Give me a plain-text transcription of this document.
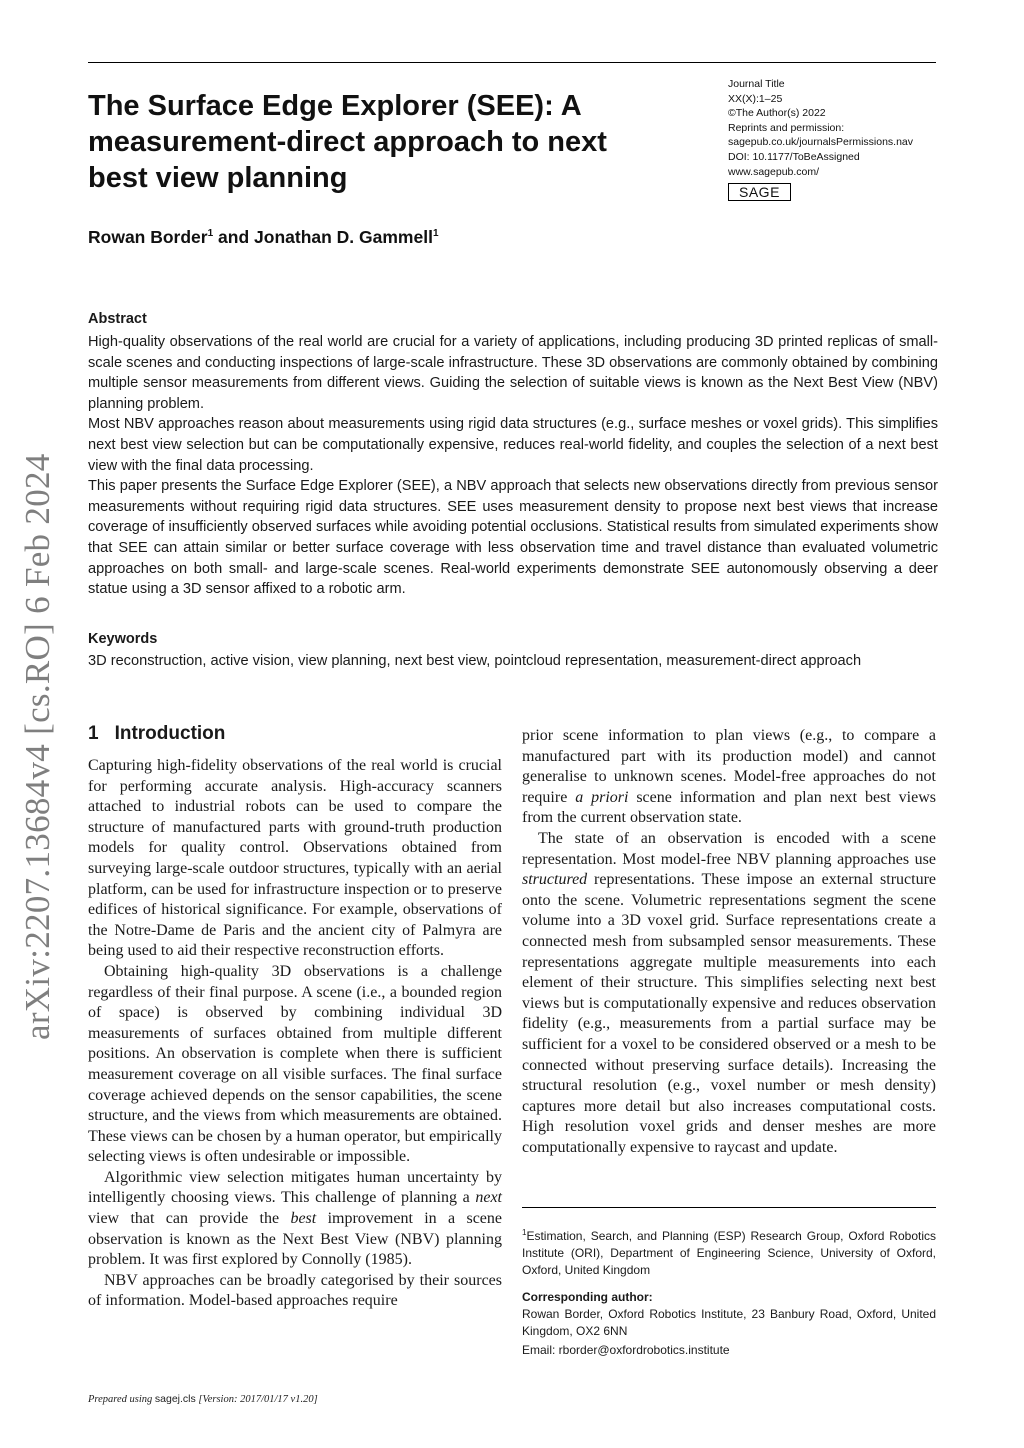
The Surface Edge Explorer (SEE): A measurement-direct approach to next best view planning
Journal Title
XX(X):1–25
©The Author(s) 2022
Reprints and permission:
sagepub.co.uk/journalsPermissions.nav
DOI: 10.1177/ToBeAssigned
www.sagepub.com/
SAGE
Rowan Border$^1$ and Jonathan D. Gammell$^1$
Abstract

High-quality observations of the real world are crucial for a variety of applications, including producing 3D printed replicas of small-scale scenes and conducting inspections of large-scale infrastructure. These 3D observations are commonly obtained by combining multiple sensor measurements from different views. Guiding the selection of suitable views is known as the Next Best View (NBV) planning problem.

Most NBV approaches reason about measurements using rigid data structures (e.g., surface meshes or voxel grids). This simplifies next best view selection but can be computationally expensive, reduces real-world fidelity, and couples the selection of a next best view with the final data processing.

This paper presents the Surface Edge Explorer (SEE), a NBV approach that selects new observations directly from previous sensor measurements without requiring rigid data structures. SEE uses measurement density to propose next best views that increase coverage of insufficiently observed surfaces while avoiding potential occlusions. Statistical results from simulated experiments show that SEE can attain similar or better surface coverage with less observation time and travel distance than evaluated volumetric approaches on both small- and large-scale scenes. Real-world experiments demonstrate SEE autonomously observing a deer statue using a 3D sensor affixed to a robotic arm.

Keywords
3D reconstruction, active vision, view planning, next best view, pointcloud representation, measurement-direct approach
arXiv:2207.13684v4 [cs.RO] 6 Feb 2024 1 Introduction

Capturing high-fidelity observations of the real world is crucial for performing accurate analysis. High-accuracy scanners attached to industrial robots can be used to compare the structure of manufactured parts with ground-truth production models for quality control. Observations obtained from surveying large-scale outdoor structures, typically with an aerial platform, can be used for infrastructure inspection or to preserve edifices of historical significance. For example, observations of the Notre-Dame de Paris and the ancient city of Palmyra are being used to aid their respective reconstruction efforts.

Obtaining high-quality 3D observations is a challenge regardless of their final purpose. A scene (i.e., a bounded region of space) is observed by combining individual 3D measurements of surfaces obtained from multiple different positions. An observation is complete when there is sufficient measurement coverage on all visible surfaces. The final surface coverage achieved depends on the sensor capabilities, the scene structure, and the views from which measurements are obtained. These views can be chosen by a human operator, but empirically selecting views is often undesirable or impossible.

Algorithmic view selection mitigates human uncertainty by intelligently choosing views. This challenge of planning a next view that can provide the best improvement in a scene observation is known as the Next Best View (NBV) planning problem. It was first explored by Connolly (1985).

NBV approaches can be broadly categorised by their sources of information. Model-based approaches require

prior scene information to plan views (e.g., to compare a manufactured part with its production model) and cannot generalise to unknown scenes. Model-free approaches do not require a priori scene information and plan next best views from the current observation state.

The state of an observation is encoded with a scene representation. Most model-free NBV planning approaches use structured representations. These impose an external structure onto the scene. Volumetric representations segment the scene volume into a 3D voxel grid. Surface representations create a connected mesh from subsampled sensor measurements. These representations aggregate multiple measurements into each element of their structure. This simplifies selecting next best views but is computationally expensive and reduces observation fidelity (e.g., measurements from a partial surface may be sufficient for a voxel to be considered observed or a mesh to be connected without preserving surface details). Increasing the structural resolution (e.g., voxel number or mesh density) captures more detail but also increases computational costs. High resolution voxel grids and denser meshes are more computationally expensive to raycast and update.

$^1$Estimation, Search, and Planning (ESP) Research Group, Oxford Robotics Institute (ORI), Department of Engineering Science, University of Oxford, Oxford, United Kingdom
Corresponding author:
Rowan Border, Oxford Robotics Institute, 23 Banbury Road, Oxford, United Kingdom, OX2 6NN
Email: rborder@oxfordrobotics.institute
Prepared using sagej.cls [Version: 2017/01/17 v1.20]
